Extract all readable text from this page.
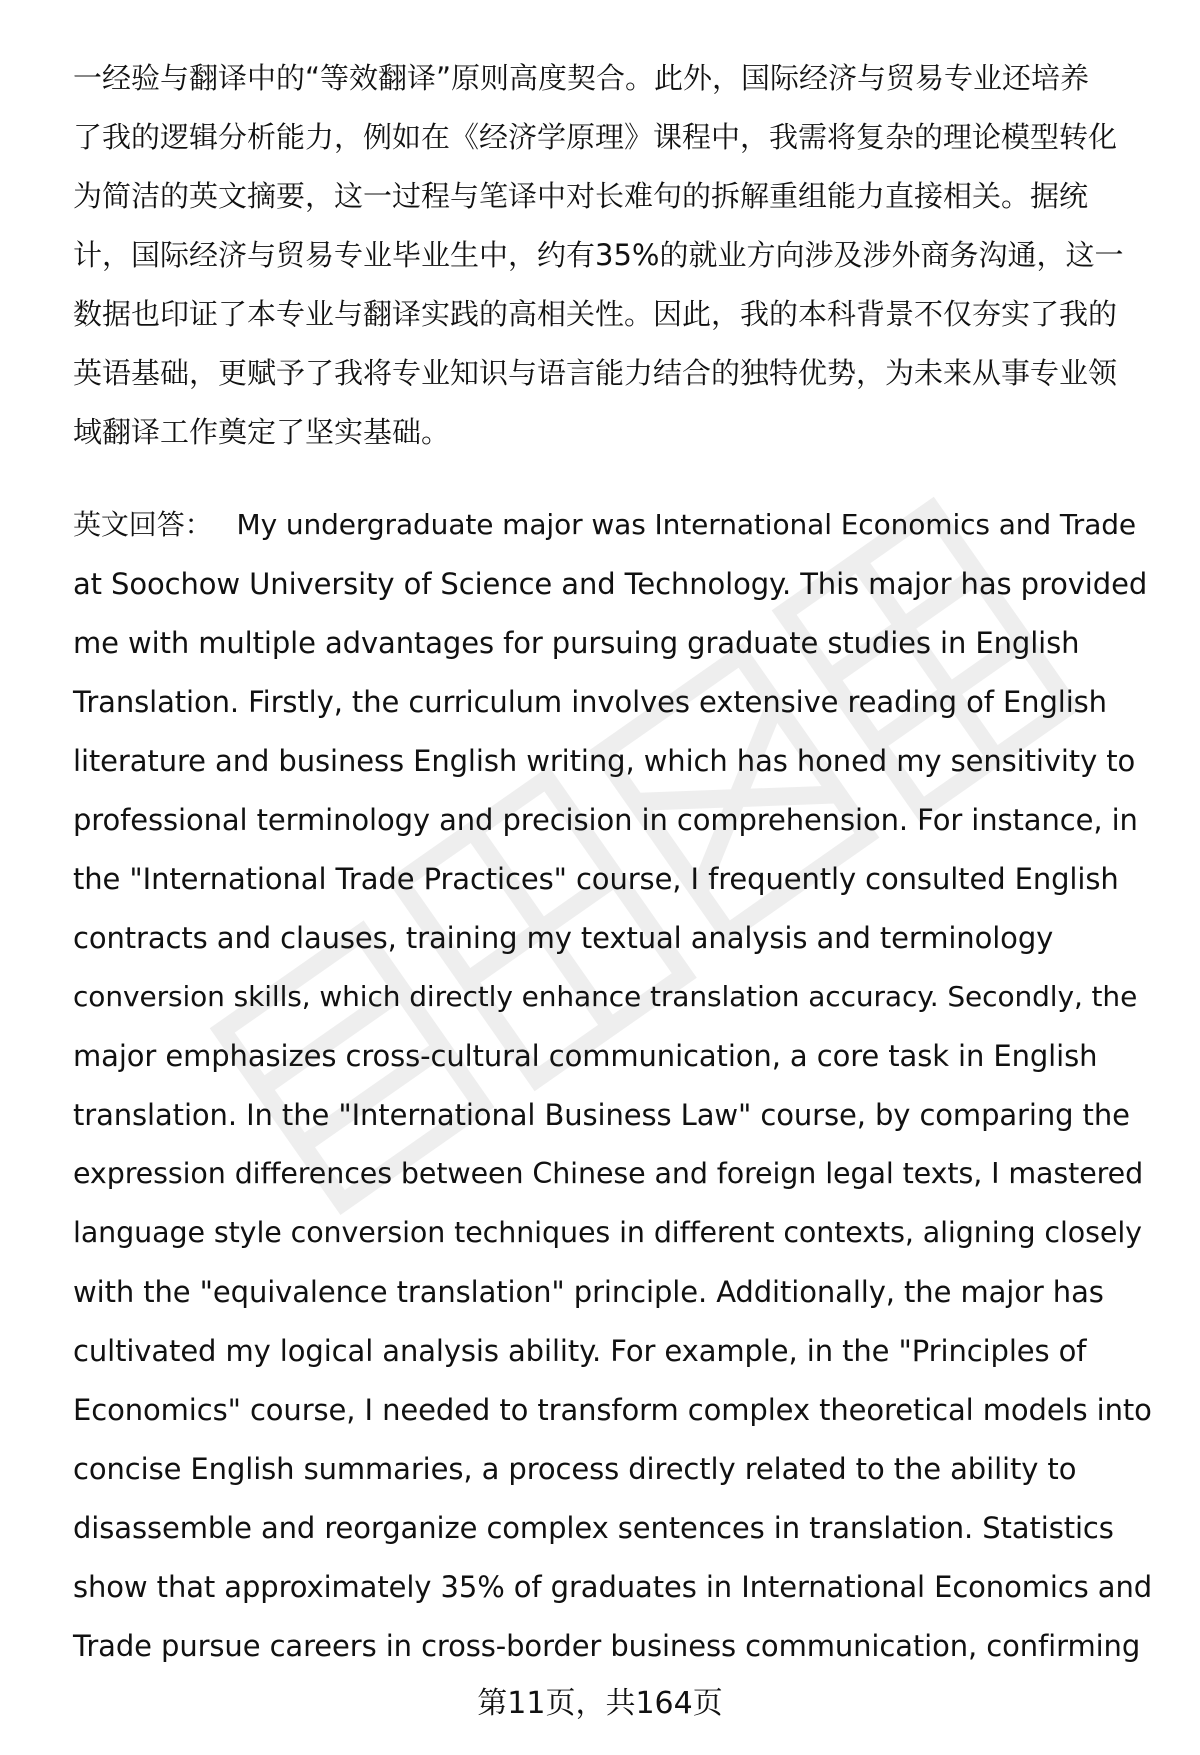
一经验与翻译中的“等效翻译”原则高度契合。此外，国际经济与贸易专业还培养
了我的逻辑分析能力，例如在《经济学原理》课程中，我需将复杂的理论模型转化
为简洁的英文摘要，这一过程与笔译中对长难句的拆解重组能力直接相关。据统
计，国际经济与贸易专业毕业生中，约有35%的就业方向涉及涉外商务沟通，这一
数据也印证了本专业与翻译实践的高相关性。因此，我的本科背景不仅夯实了我的
英语基础，更赋予了我将专业知识与语言能力结合的独特优势，为未来从事专业领
域翻译工作奠定了坚实基础。
英文回答： My undergraduate major was International Economics and Trade
at Soochow University of Science and Technology. This major has provided
me with multiple advantages for pursuing graduate studies in English
Translation. Firstly, the curriculum involves extensive reading of English
literature and business English writing, which has honed my sensitivity to
professional terminology and precision in comprehension. For instance, in
the "International Trade Practices" course, I frequently consulted English
contracts and clauses, training my textual analysis and terminology
conversion skills, which directly enhance translation accuracy. Secondly, the
major emphasizes cross-cultural communication, a core task in English
translation. In the "International Business Law" course, by comparing the
expression differences between Chinese and foreign legal texts, I mastered
language style conversion techniques in different contexts, aligning closely
with the "equivalence translation" principle. Additionally, the major has
cultivated my logical analysis ability. For example, in the "Principles of
Economics" course, I needed to transform complex theoretical models into
concise English summaries, a process directly related to the ability to
disassemble and reorganize complex sentences in translation. Statistics
show that approximately 35% of graduates in International Economics and
Trade pursue careers in cross-border business communication, confirming
第11页，共164页
